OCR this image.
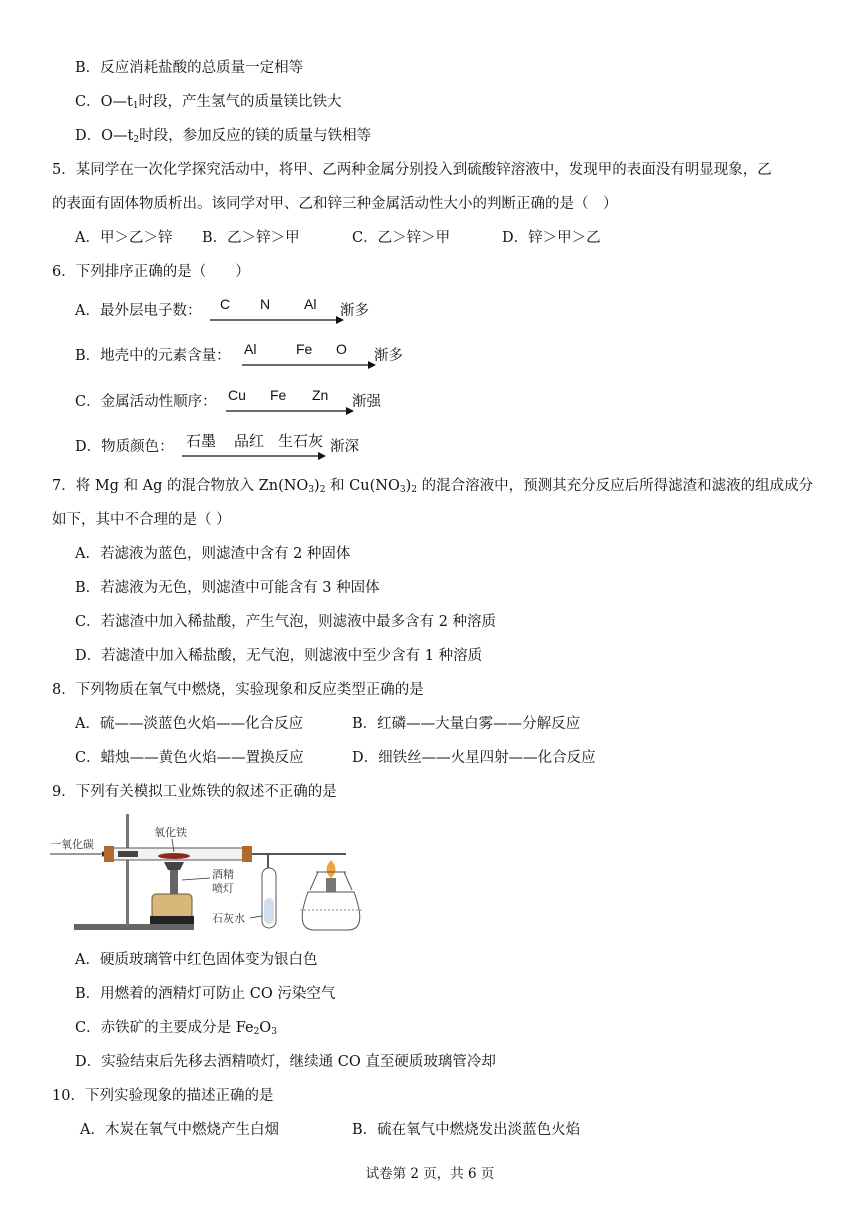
B．反应消耗盐酸的总质量一定相等
C．$O—t_1$时段，产生氢气的质量镁比铁大
D．$O—t_2$时段，参加反应的镁的质量与铁相等
5．某同学在一次化学探究活动中，将甲、乙两种金属分别投入到硫酸锌溶液中，发现甲的表面没有明显现象，乙
的表面有固体物质析出。该同学对甲、乙和锌三种金属活动性大小的判断正确的是（　）
A．甲＞乙＞锌 B．乙＞锌＞甲	C．乙＞锌＞甲	D．锌＞甲＞乙
6．下列排序正确的是（　　）
A．最外层电子数： C N Al 渐多
B．地壳中的元素含量： Al	Fe O 渐多
C．金属活动性顺序： Cu Fe Zn 渐强
D．物质颜色： 石墨 品红 生石灰 渐深
7．将 Mg 和 Ag 的混合物放入 $Zn(NO_3)_2$ 和 $Cu(NO_3)_2$ 的混合溶液中，预测其充分反应后所得滤渣和滤液的组成成分
如下，其中不合理的是（ ）
A．若滤液为蓝色，则滤渣中含有 2 种固体
B．若滤液为无色，则滤渣中可能含有 3 种固体
C．若滤渣中加入稀盐酸，产生气泡，则滤液中最多含有 2 种溶质
D．若滤渣中加入稀盐酸，无气泡，则滤液中至少含有 1 种溶质
8．下列物质在氧气中燃烧，实验现象和反应类型正确的是
A．硫——淡蓝色火焰——化合反应	B．红磷——大量白雾——分解反应
C．蜡烛——黄色火焰——置换反应	D．细铁丝——火星四射——化合反应
9．下列有关模拟工业炼铁的叙述不正确的是
一氧化碳
氧化铁
酒精
喷灯
石灰水
A．硬质玻璃管中红色固体变为银白色
B．用燃着的酒精灯可防止 CO 污染空气
C．赤铁矿的主要成分是 $Fe_2O_3$
D．实验结束后先移去酒精喷灯，继续通 CO 直至硬质玻璃管冷却
10．下列实验现象的描述正确的是
A．木炭在氧气中燃烧产生白烟	B．硫在氧气中燃烧发出淡蓝色火焰
试卷第 2 页，共 6 页
